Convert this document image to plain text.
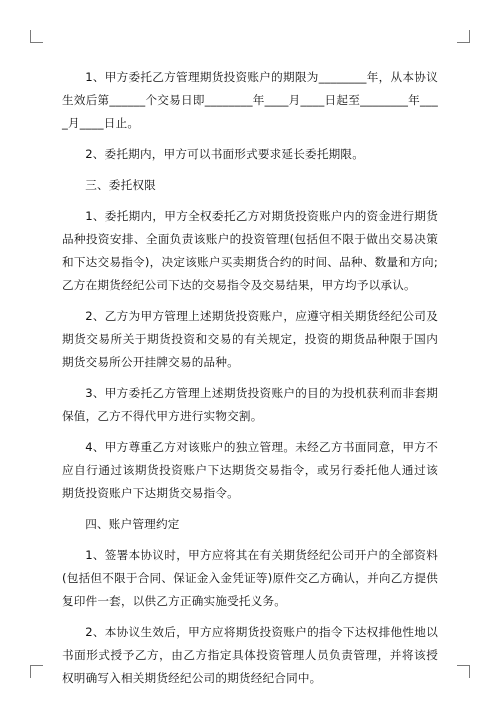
1、甲方委托乙方管理期货投资账户的期限为________年，从本协议生效后第______个交易日即________年____月____日起至________年____月____日止。

2、委托期内，甲方可以书面形式要求延长委托期限。

三、委托权限

1、委托期内，甲方全权委托乙方对期货投资账户内的资金进行期货品种投资安排、全面负责该账户的投资管理(包括但不限于做出交易决策和下达交易指令)，决定该账户买卖期货合约的时间、品种、数量和方向;乙方在期货经纪公司下达的交易指令及交易结果，甲方均予以承认。

2、乙方为甲方管理上述期货投资账户，应遵守相关期货经纪公司及期货交易所关于期货投资和交易的有关规定，投资的期货品种限于国内期货交易所公开挂牌交易的品种。

3、甲方委托乙方管理上述期货投资账户的目的为投机获利而非套期保值，乙方不得代甲方进行实物交割。

4、甲方尊重乙方对该账户的独立管理。未经乙方书面同意，甲方不应自行通过该期货投资账户下达期货交易指令，或另行委托他人通过该期货投资账户下达期货交易指令。

四、账户管理约定

1、签署本协议时，甲方应将其在有关期货经纪公司开户的全部资料(包括但不限于合同、保证金入金凭证等)原件交乙方确认，并向乙方提供复印件一套，以供乙方正确实施受托义务。

2、本协议生效后，甲方应将期货投资账户的指令下达权排他性地以书面形式授予乙方，由乙方指定具体投资管理人员负责管理，并将该授权明确写入相关期货经纪公司的期货经纪合同中。
